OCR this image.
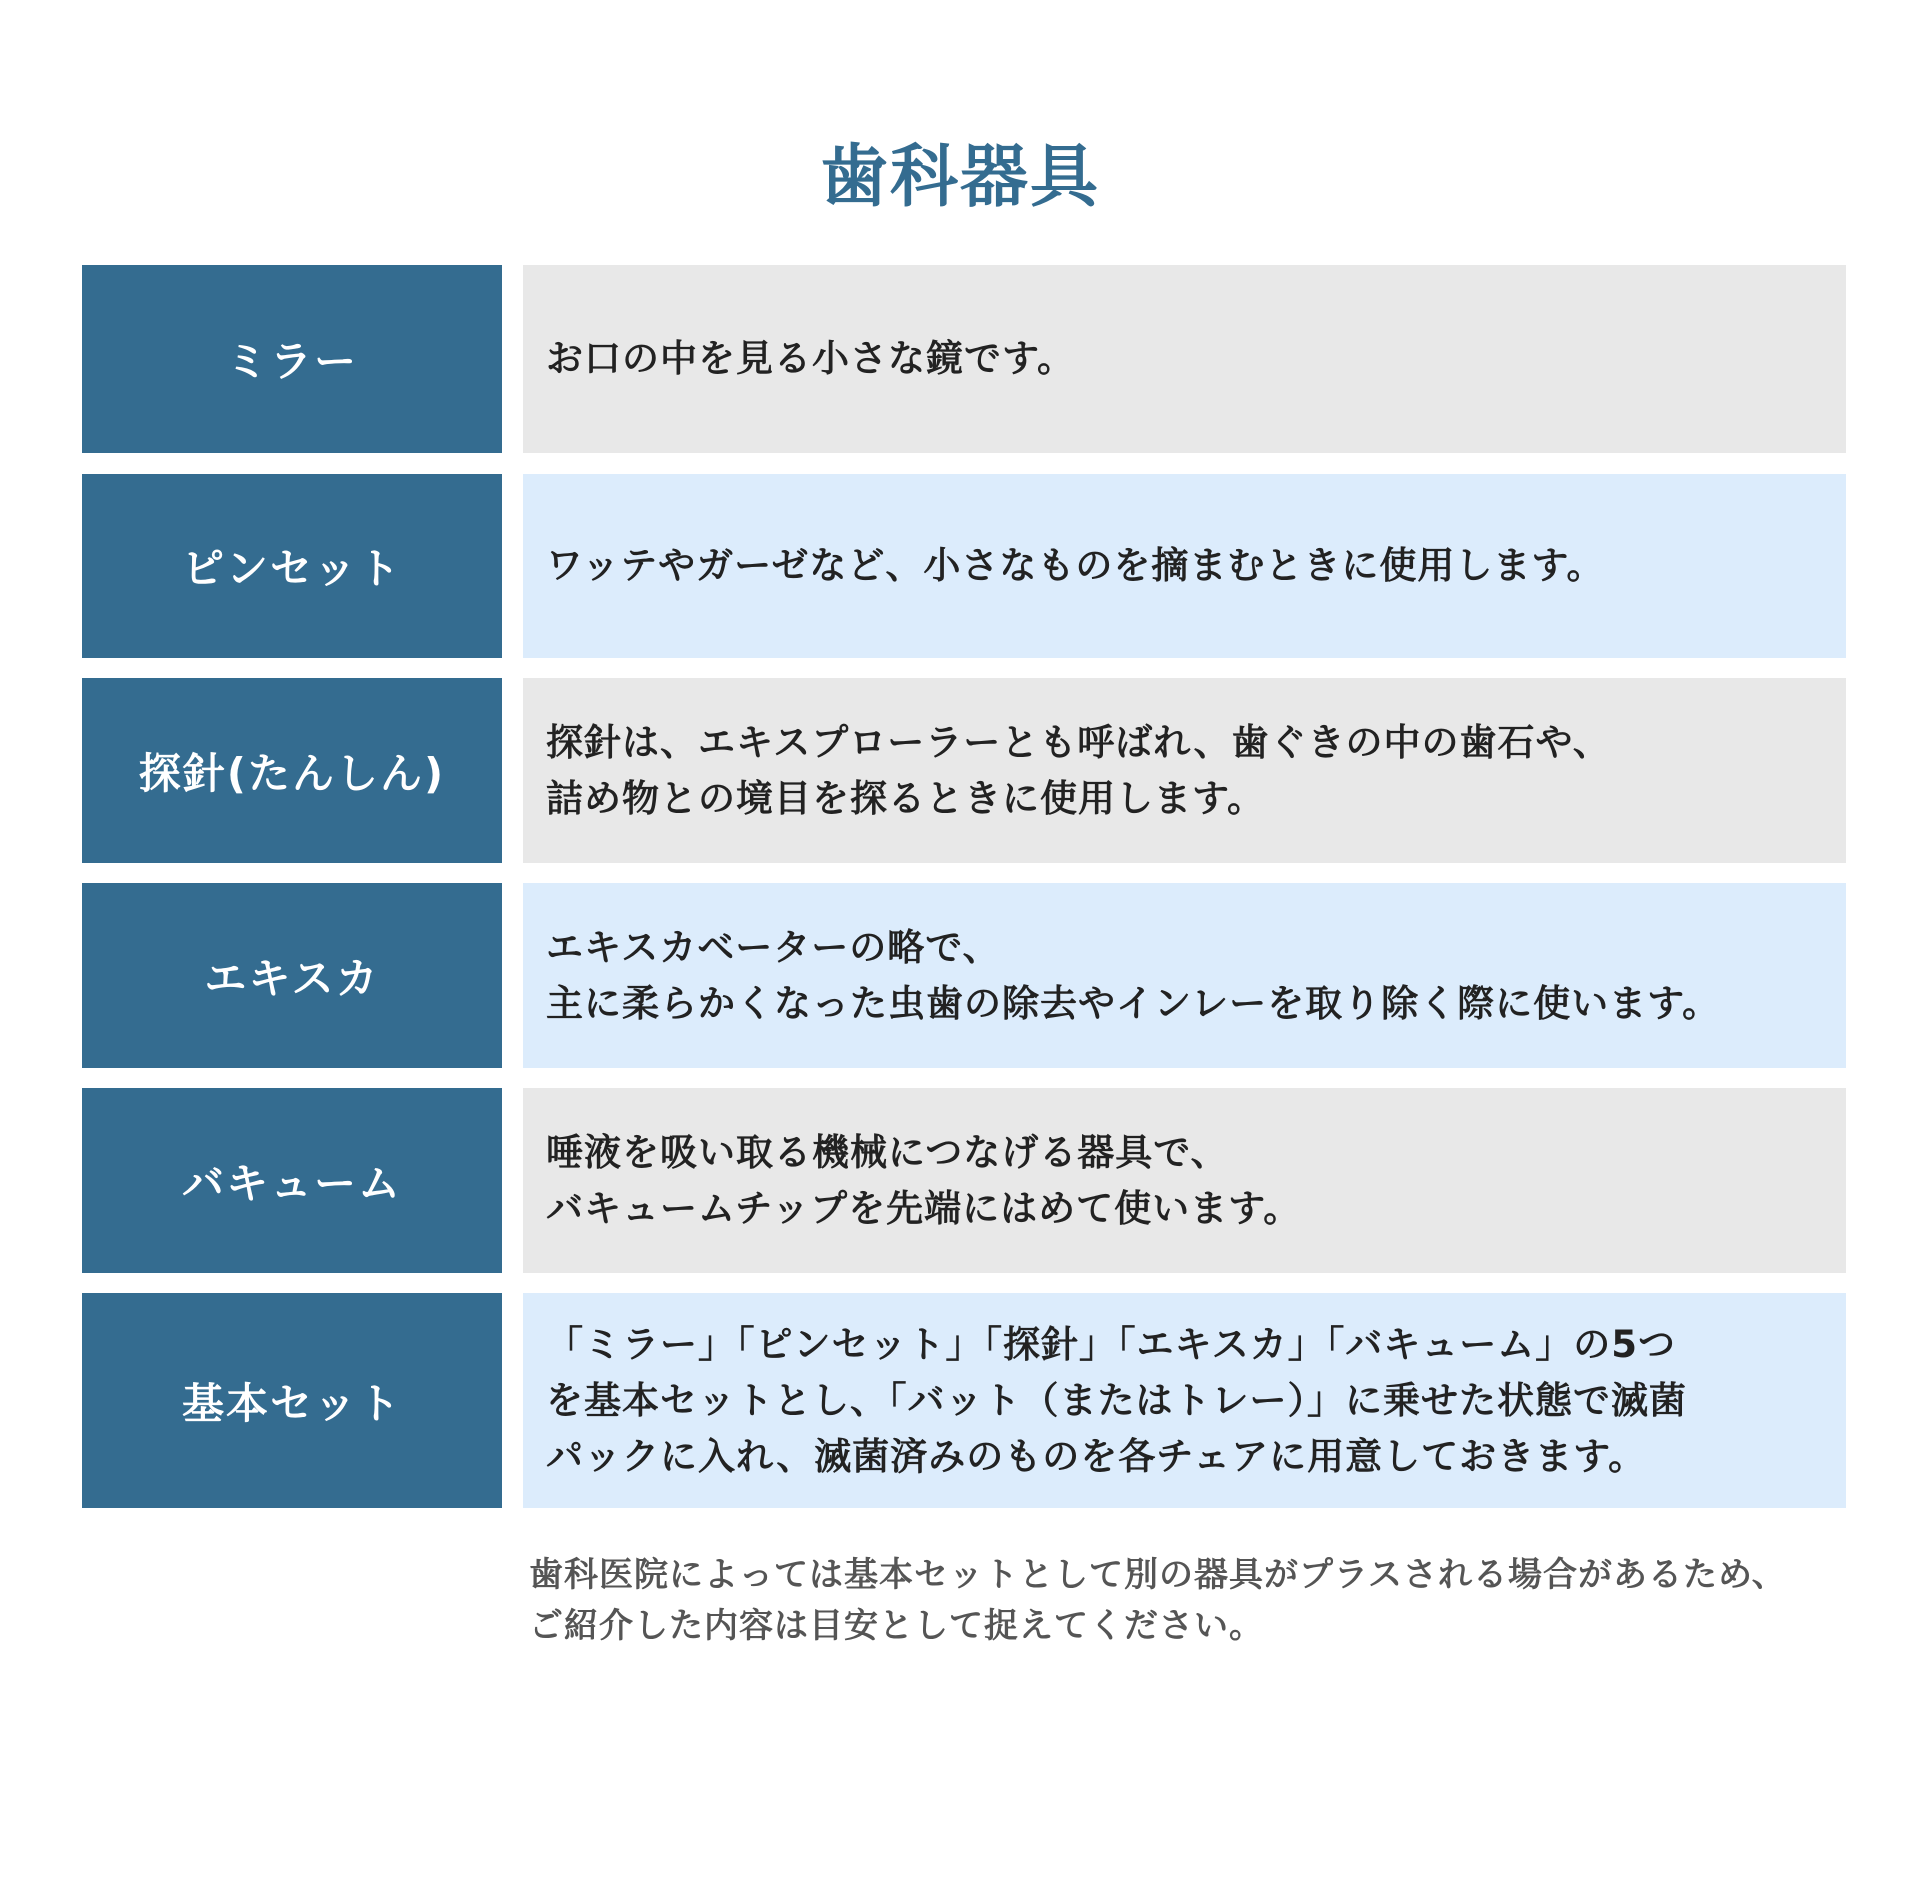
歯科器具
ミラー	お口の中を見る小さな鏡です。
ピンセット	ワッテやガーゼなど、小さなものを摘まむときに使用します。
探針(たんしん)
探針は、エキスプローラーとも呼ばれ、歯ぐきの中の歯石や、
詰め物との境目を探るときに使用します。
エキスカ
エキスカベーターの略で、
主に柔らかくなった虫歯の除去やインレーを取り除く際に使います。
バキューム
唾液を吸い取る機械につなげる器具で、
バキュームチップを先端にはめて使います。
基本セット
「ミラー」「ピンセット」「探針」「エキスカ」「バキューム」の5つ
を基本セットとし、「バット（またはトレー）」に乗せた状態で滅菌
パックに入れ、滅菌済みのものを各チェアに用意しておきます。
歯科医院によっては基本セットとして別の器具がプラスされる場合があるため、
ご紹介した内容は目安として捉えてください。
